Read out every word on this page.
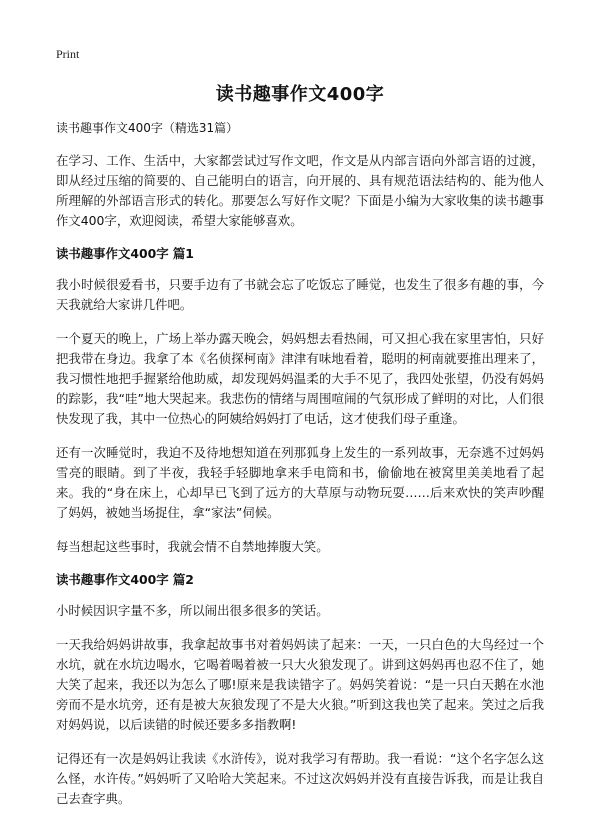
Print
读书趣事作文400字

读书趣事作文400字（精选31篇）

在学习、工作、生活中，大家都尝试过写作文吧，作文是从内部言语向外部言语的过渡，即从经过压缩的简要的、自己能明白的语言，向开展的、具有规范语法结构的、能为他人所理解的外部语言形式的转化。那要怎么写好作文呢？下面是小编为大家收集的读书趣事作文400字，欢迎阅读，希望大家能够喜欢。

读书趣事作文400字 篇1

我小时候很爱看书，只要手边有了书就会忘了吃饭忘了睡觉，也发生了很多有趣的事，今天我就给大家讲几件吧。

一个夏天的晚上，广场上举办露天晚会，妈妈想去看热闹，可又担心我在家里害怕，只好把我带在身边。我拿了本《名侦探柯南》津津有味地看着，聪明的柯南就要推出理来了，我习惯性地把手握紧给他助威，却发现妈妈温柔的大手不见了，我四处张望，仍没有妈妈的踪影，我“哇”地大哭起来。我悲伤的情绪与周围喧闹的气氛形成了鲜明的对比，人们很快发现了我，其中一位热心的阿姨给妈妈打了电话，这才使我们母子重逢。

还有一次睡觉时，我迫不及待地想知道在列那狐身上发生的一系列故事，无奈逃不过妈妈雪亮的眼睛。到了半夜，我轻手轻脚地拿来手电筒和书，偷偷地在被窝里美美地看了起来。我的“身在床上，心却早已飞到了远方的大草原与动物玩耍……后来欢快的笑声吵醒了妈妈，被她当场捉住，拿“家法”伺候。

每当想起这些事时，我就会情不自禁地捧腹大笑。

读书趣事作文400字 篇2

小时候因识字量不多，所以闹出很多很多的笑话。

一天我给妈妈讲故事，我拿起故事书对着妈妈读了起来：一天，一只白色的大鸟经过一个水坑，就在水坑边喝水，它喝着喝着被一只大火狼发现了。讲到这妈妈再也忍不住了，她大笑了起来，我还以为怎么了哪!原来是我读错字了。妈妈笑着说：“是一只白天鹅在水池旁而不是水坑旁，还有是被大灰狼发现了不是大火狼。”听到这我也笑了起来。笑过之后我对妈妈说，以后读错的时候还要多多指教啊!

记得还有一次是妈妈让我读《水浒传》，说对我学习有帮助。我一看说：“这个名字怎么这么怪，水许传。”妈妈听了又哈哈大笑起来。不过这次妈妈并没有直接告诉我，而是让我自己去查字典。
